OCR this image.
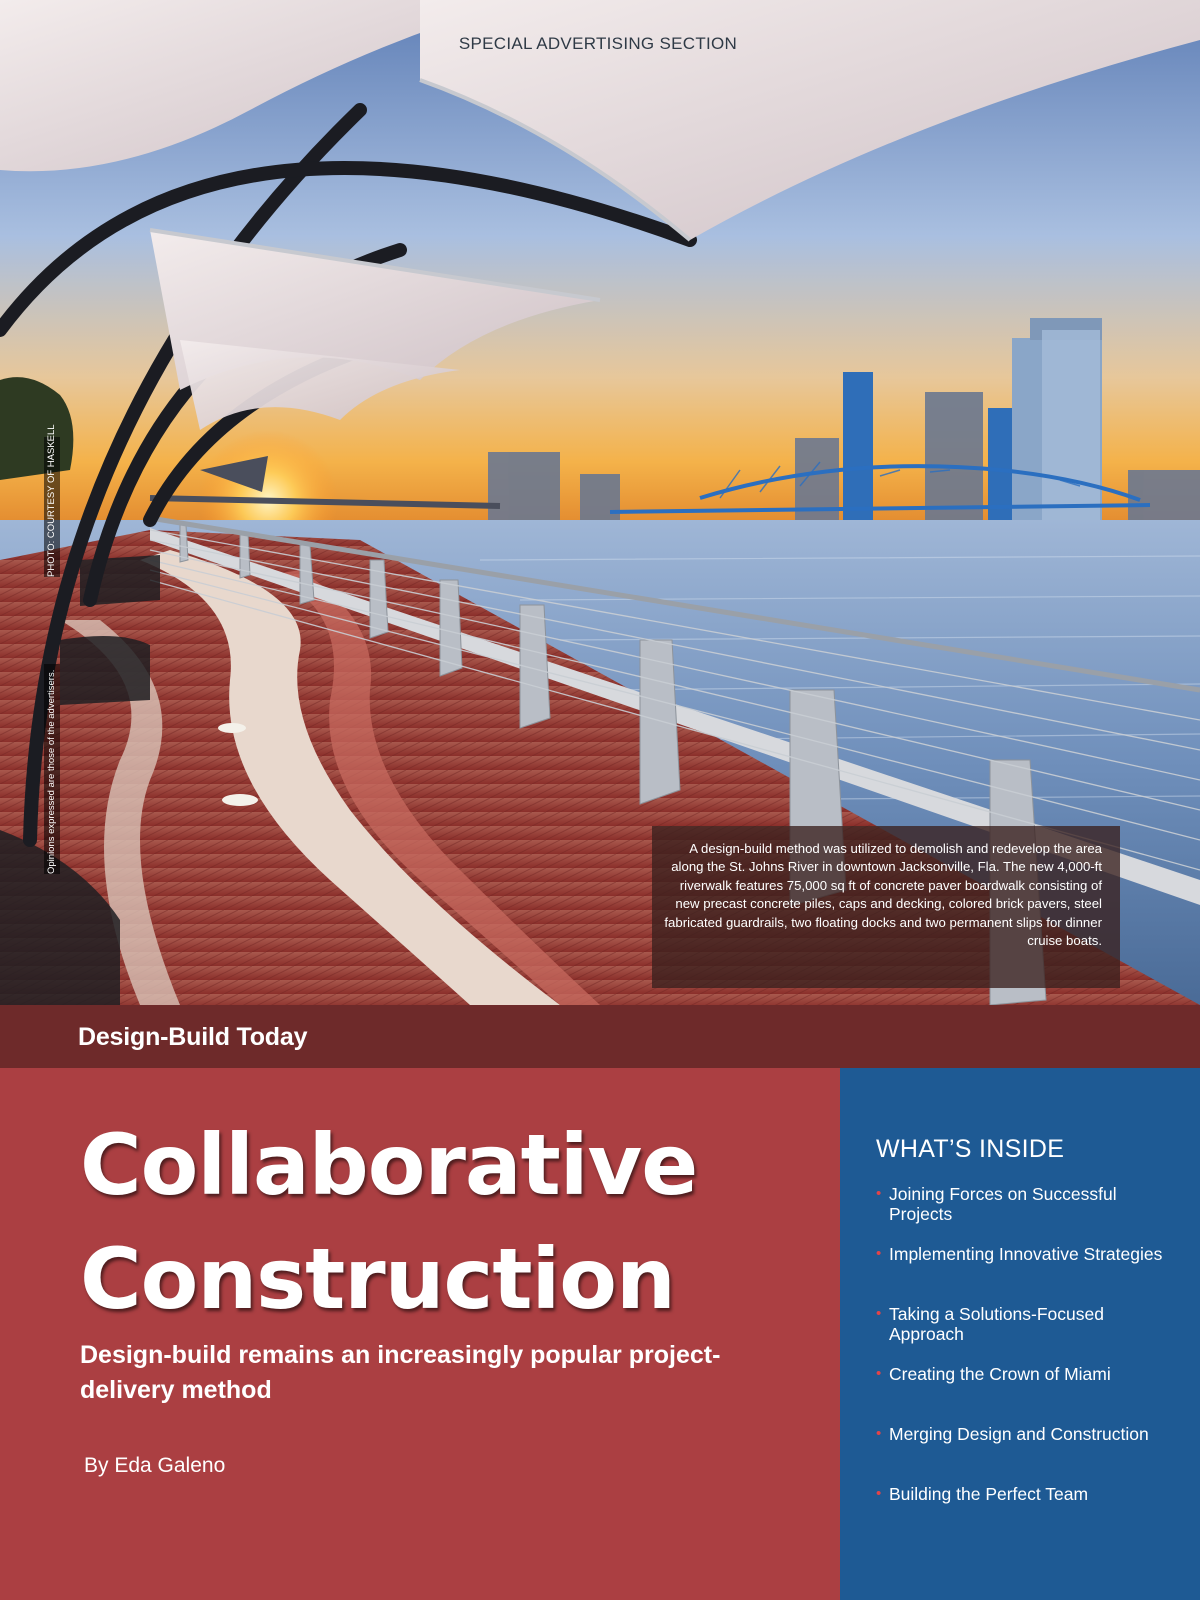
SPECIAL ADVERTISING SECTION
PHOTO: COURTESY OF HASKELL
Opinions expressed are those of the advertisers.	A design-build method was utilized to demolish and redevelop the area along the St. Johns River in downtown Jacksonville, Fla. The new 4,000-ft riverwalk features 75,000 sq ft of concrete paver boardwalk consisting of new precast concrete piles, caps and decking, colored brick pavers, steel fabricated guardrails, two floating docks and two permanent slips for dinner cruise boats.
Design-Build Today
Collaborative
Construction

Design-build remains an increasingly popular project-delivery method

By Eda Galeno
WHAT’S INSIDE
• Joining Forces on Successful Projects
• Implementing Innovative Strategies
• Taking a Solutions-Focused Approach
• Creating the Crown of Miami
• Merging Design and Construction
• Building the Perfect Team
